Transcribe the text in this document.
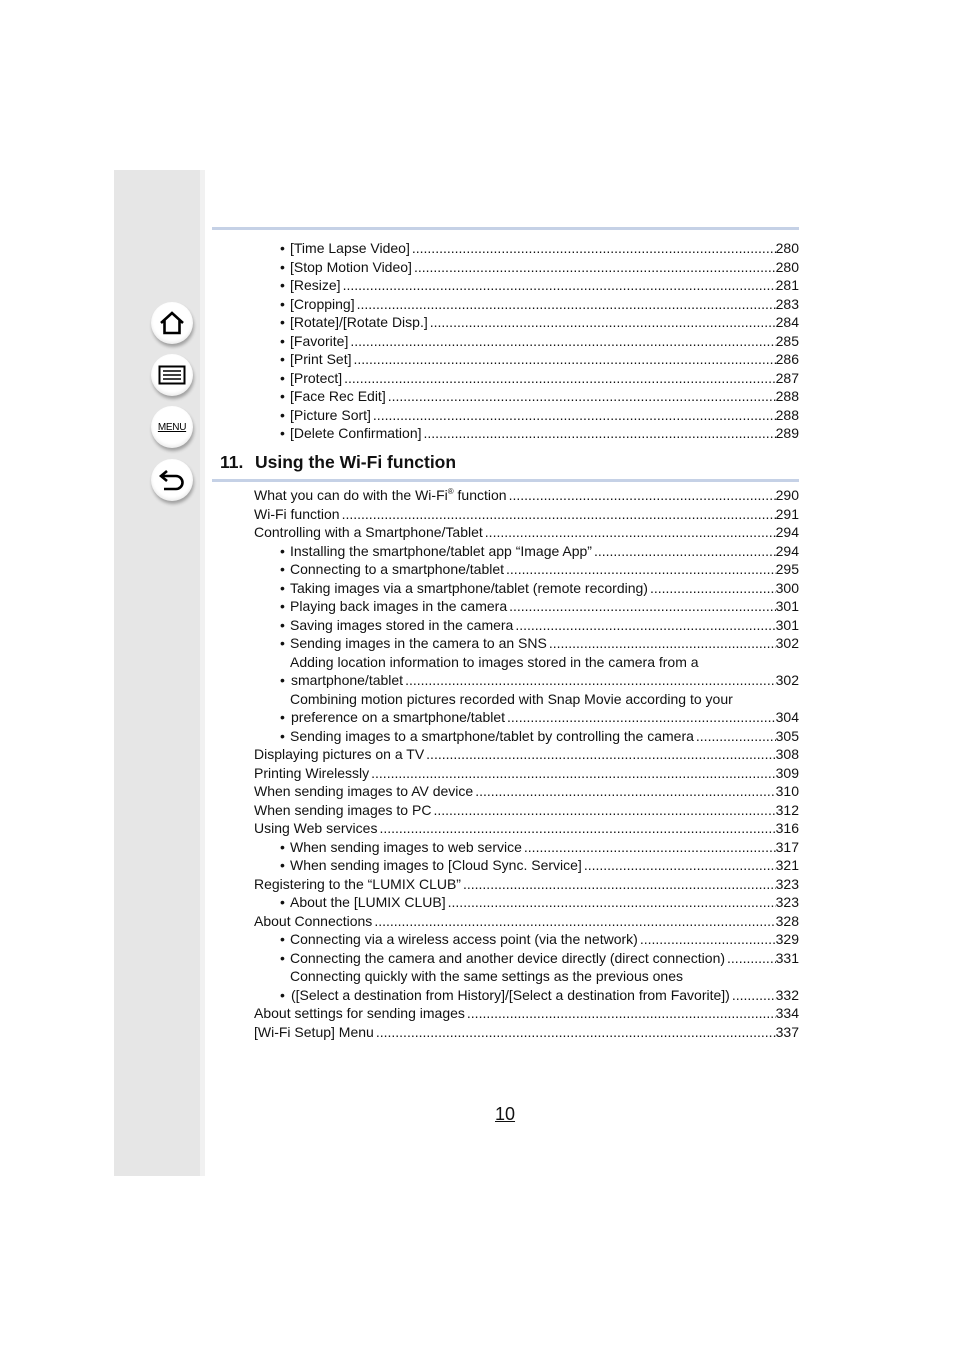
MENU
• [Time Lapse Video] .....	280
• [Stop Motion Video] .....	280
• [Resize] .....	281
• [Cropping] .....	283
• [Rotate]/[Rotate Disp.] .....	284
• [Favorite] .....	285
• [Print Set] .....	286
• [Protect] .....	287
• [Face Rec Edit] .....	288
• [Picture Sort] .....	288
• [Delete Confirmation] .....	289
11. Using the Wi-Fi function
What you can do with the Wi-Fi® function .....	290
Wi-Fi function .....	291
Controlling with a Smartphone/Tablet .....	294
• Installing the smartphone/tablet app “Image App” .....	294
• Connecting to a smartphone/tablet .....	295
• Taking images via a smartphone/tablet (remote recording) .....	300
• Playing back images in the camera .....	301
• Saving images stored in the camera .....	301
• Sending images in the camera to an SNS .....	302
•
Adding location information to images stored in the camera from a
smartphone/tablet .....	302
•
Combining motion pictures recorded with Snap Movie according to your
preference on a smartphone/tablet .....	304
• Sending images to a smartphone/tablet by controlling the camera .....	305
Displaying pictures on a TV .....	308
Printing Wirelessly .....	309
When sending images to AV device .....	310
When sending images to PC .....	312
Using Web services .....	316
• When sending images to web service .....	317
• When sending images to [Cloud Sync. Service] .....	321
Registering to the “LUMIX CLUB” .....	323
• About the [LUMIX CLUB] .....	323
About Connections .....	328
• Connecting via a wireless access point (via the network) .....	329
• Connecting the camera and another device directly (direct connection) .....	331
•
Connecting quickly with the same settings as the previous ones
([Select a destination from History]/[Select a destination from Favorite]) .....	332
About settings for sending images .....	334
[Wi-Fi Setup] Menu .....	337
10
